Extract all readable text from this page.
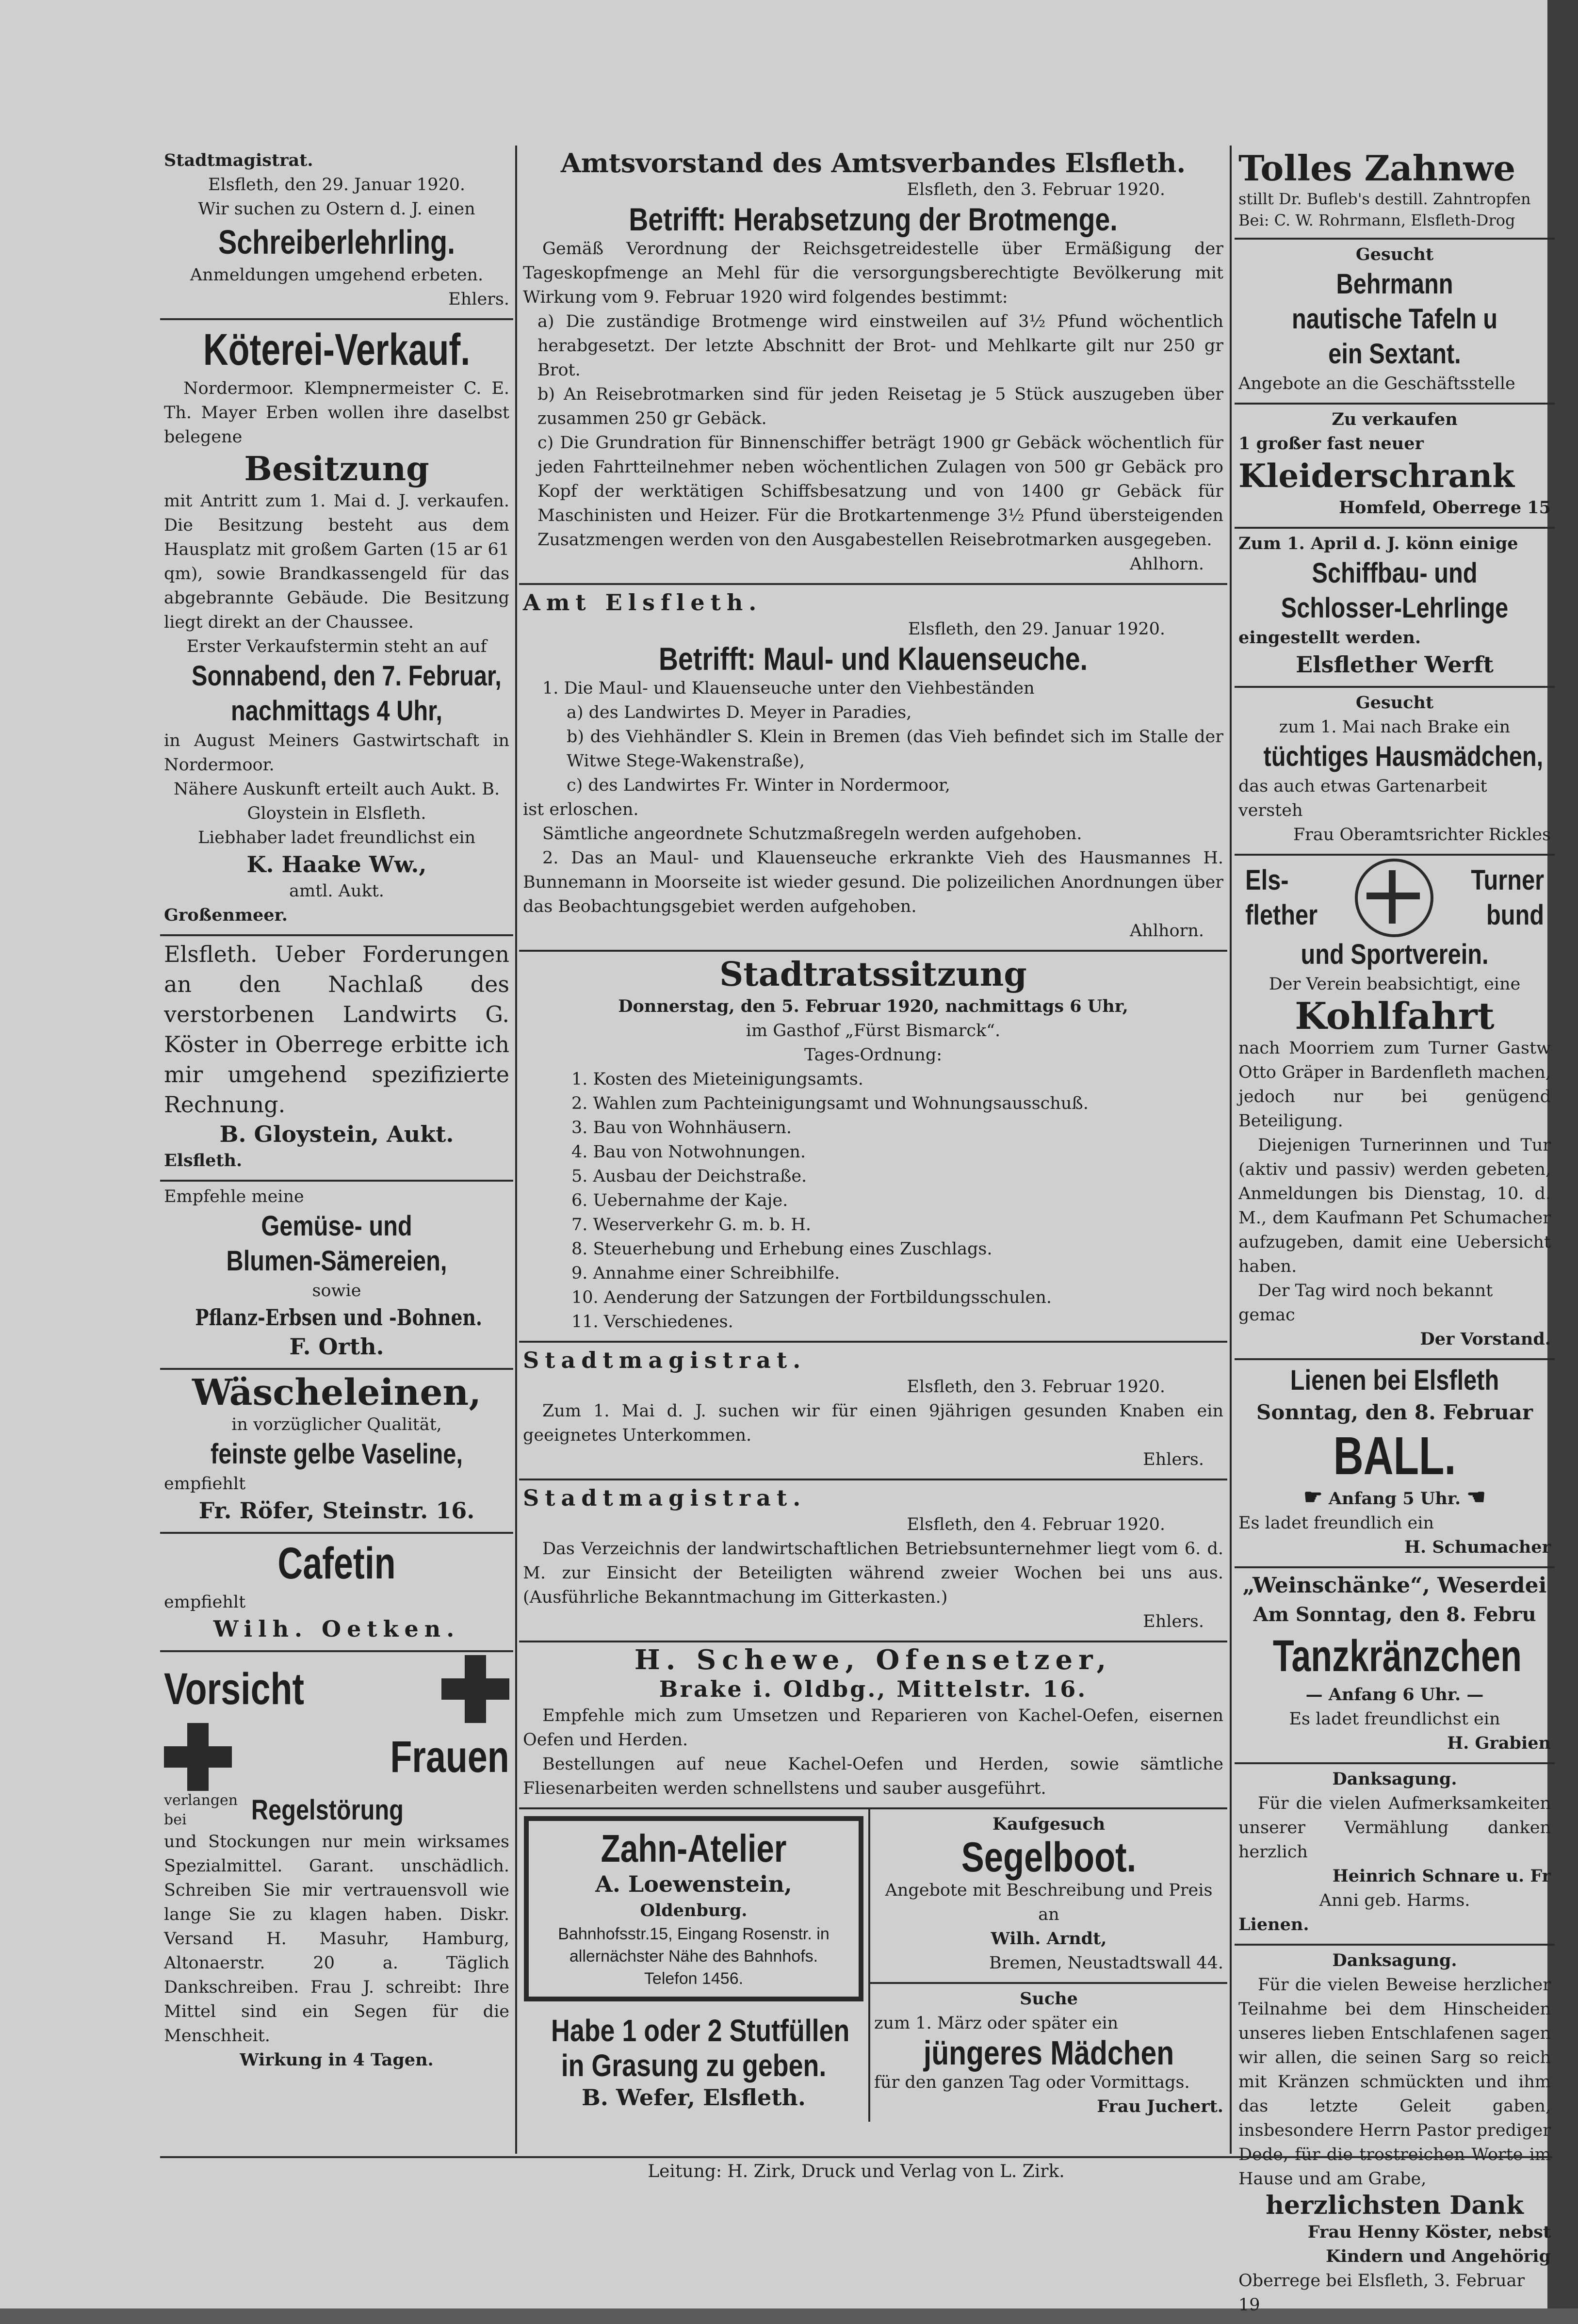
Stadtmagistrat.

Elsfleth, den 29. Januar 1920.

Wir suchen zu Ostern d. J. einen

Schreiberlehrling.

Anmeldungen umgehend erbeten.

Ehlers.

Köterei-Verkauf.

Nordermoor. Klempnermeister C. E. Th. Mayer Erben wollen ihre daselbst belegene

Besitzung

mit Antritt zum 1. Mai d. J. verkaufen. Die Besitzung besteht aus dem Hausplatz mit großem Garten (15 ar 61 qm), sowie Brandkassengeld für das abgebrannte Gebäude. Die Besitzung liegt direkt an der Chaussee.

Erster Verkaufstermin steht an auf

Sonnabend, den 7. Februar,

nachmittags 4 Uhr,

in August Meiners Gastwirtschaft in Nordermoor.

Nähere Auskunft erteilt auch Aukt. B. Gloystein in Elsfleth.

Liebhaber ladet freundlichst ein

K. Haake Ww.,

amtl. Aukt.

Großenmeer.

Elsfleth. Ueber Forderungen an den Nachlaß des verstorbenen Landwirts G. Köster in Oberrege erbitte ich mir umgehend spezifizierte Rechnung.

B. Gloystein, Aukt.

Elsfleth.

Empfehle meine

Gemüse- und

Blumen-Sämereien,

sowie

Pflanz-Erbsen und -Bohnen.

F. Orth.

Wäscheleinen,

in vorzüglicher Qualität,

feinste gelbe Vaseline,

empfiehlt

Fr. Röfer, Steinstr. 16.

Cafetin

empfiehlt

Wilh. Oetken.

Vorsicht

Frauen

verlangen bei	Regelstörung

und Stockungen nur mein wirksames Spezialmittel. Garant. unschädlich. Schreiben Sie mir vertrauensvoll wie lange Sie zu klagen haben. Diskr. Versand H. Masuhr, Hamburg, Altonaerstr. 20 a. Täglich Dankschreiben. Frau J. schreibt: Ihre Mittel sind ein Segen für die Menschheit.

Wirkung in 4 Tagen.

Amtsvorstand des Amtsverbandes Elsfleth.

Elsfleth, den 3. Februar 1920.

Betrifft: Herabsetzung der Brotmenge.

Gemäß Verordnung der Reichsgetreidestelle über Ermäßigung der Tageskopfmenge an Mehl für die versorgungsberechtigte Bevölkerung mit Wirkung vom 9. Februar 1920 wird folgendes bestimmt:

a) Die zuständige Brotmenge wird einstweilen auf 3½ Pfund wöchentlich herabgesetzt. Der letzte Abschnitt der Brot- und Mehlkarte gilt nur 250 gr Brot.

b) An Reisebrotmarken sind für jeden Reisetag je 5 Stück auszugeben über zusammen 250 gr Gebäck.

c) Die Grundration für Binnenschiffer beträgt 1900 gr Gebäck wöchentlich für jeden Fahrtteilnehmer neben wöchentlichen Zulagen von 500 gr Gebäck pro Kopf der werktätigen Schiffsbesatzung und von 1400 gr Gebäck für Maschinisten und Heizer. Für die Brotkartenmenge 3½ Pfund übersteigenden Zusatzmengen werden von den Ausgabestellen Reisebrotmarken ausgegeben.

Ahlhorn.

Amt Elsfleth.

Elsfleth, den 29. Januar 1920.

Betrifft: Maul- und Klauenseuche.

1. Die Maul- und Klauenseuche unter den Viehbeständen

a) des Landwirtes D. Meyer in Paradies,

b) des Viehhändler S. Klein in Bremen (das Vieh befindet sich im Stalle der Witwe Stege-Wakenstraße),

c) des Landwirtes Fr. Winter in Nordermoor,

ist erloschen.

Sämtliche angeordnete Schutzmaßregeln werden aufgehoben.

2. Das an Maul- und Klauenseuche erkrankte Vieh des Hausmannes H. Bunnemann in Moorseite ist wieder gesund. Die polizeilichen Anordnungen über das Beobachtungsgebiet werden aufgehoben.

Ahlhorn.

Stadtratssitzung

Donnerstag, den 5. Februar 1920, nachmittags 6 Uhr,

im Gasthof „Fürst Bismarck“.

Tages-Ordnung:

1. Kosten des Mieteinigungsamts.

2. Wahlen zum Pachteinigungsamt und Wohnungsausschuß.

3. Bau von Wohnhäusern.

4. Bau von Notwohnungen.

5. Ausbau der Deichstraße.

6. Uebernahme der Kaje.

7. Weserverkehr G. m. b. H.

8. Steuerhebung und Erhebung eines Zuschlags.

9. Annahme einer Schreibhilfe.

10. Aenderung der Satzungen der Fortbildungsschulen.

11. Verschiedenes.

Stadtmagistrat.

Elsfleth, den 3. Februar 1920.

Zum 1. Mai d. J. suchen wir für einen 9jährigen gesunden Knaben ein geeignetes Unterkommen.

Ehlers.

Stadtmagistrat.

Elsfleth, den 4. Februar 1920.

Das Verzeichnis der landwirtschaftlichen Betriebsunternehmer liegt vom 6. d. M. zur Einsicht der Beteiligten während zweier Wochen bei uns aus. (Ausführliche Bekanntmachung im Gitterkasten.)

Ehlers.

H. Schewe, Ofensetzer,

Brake i. Oldbg., Mittelstr. 16.

Empfehle mich zum Umsetzen und Reparieren von Kachel-Oefen, eisernen Oefen und Herden.

Bestellungen auf neue Kachel-Oefen und Herden, sowie sämtliche Fliesenarbeiten werden schnellstens und sauber ausgeführt.

Zahn-Atelier

A. Loewenstein,

Oldenburg.

Bahnhofsstr.15, Eingang Rosenstr. in allernächster Nähe des Bahnhofs.

Telefon 1456.

Habe 1 oder 2 Stutfüllen

in Grasung zu geben.

B. Wefer, Elsfleth.

Kaufgesuch

Segelboot.

Angebote mit Beschreibung und Preis an

Wilh. Arndt,

Bremen, Neustadtswall 44.

Suche

zum 1. März oder später ein

jüngeres Mädchen

für den ganzen Tag oder Vormittags.

Frau Juchert.

Tolles Zahnwe

stillt Dr. Bufleb's destill. Zahntropfen Bei: C. W. Rohrmann, Elsfleth-Drog

Gesucht

Behrmann

nautische Tafeln u

ein Sextant.

Angebote an die Geschäftsstelle

Zu verkaufen

1 großer fast neuer

Kleiderschrank

Homfeld, Oberrege 15

Zum 1. April d. J. könn einige

Schiffbau- und

Schlosser-Lehrlinge

eingestellt werden.

Elsflether Werft

Gesucht

zum 1. Mai nach Brake ein

tüchtiges Hausmädchen,

das auch etwas Gartenarbeit versteh

Frau Oberamtsrichter Rickles

Els-

flether

Turner

bund

und Sportverein.

Der Verein beabsichtigt, eine

Kohlfahrt

nach Moorriem zum Turner Gastw Otto Gräper in Bardenfleth machen, jedoch nur bei genügend Beteiligung.

Diejenigen Turnerinnen und Tur (aktiv und passiv) werden gebeten, Anmeldungen bis Dienstag, 10. d. M., dem Kaufmann Pet Schumacher aufzugeben, damit eine Uebersicht haben.

Der Tag wird noch bekannt gemac

Der Vorstand.

Lienen bei Elsfleth

Sonntag, den 8. Februar

BALL.

☛ Anfang 5 Uhr. ☚

Es ladet freundlich ein

H. Schumacher

„Weinschänke“, Weserdei

Am Sonntag, den 8. Febru

Tanzkränzchen

— Anfang 6 Uhr. —

Es ladet freundlichst ein

H. Grabien

Danksagung.

Für die vielen Aufmerksamkeiten unserer Vermählung danken herzlich

Heinrich Schnare u. Fr

Anni geb. Harms.

Lienen.

Danksagung.

Für die vielen Beweise herzlicher Teilnahme bei dem Hinscheiden unseres lieben Entschlafenen sagen wir allen, die seinen Sarg so reich mit Kränzen schmückten und ihm das letzte Geleit gaben, insbesondere Herrn Pastor prediger Dede, für die trostreichen Worte im Hause und am Grabe,

herzlichsten Dank

Frau Henny Köster, nebst Kindern und Angehörig

Oberrege bei Elsfleth, 3. Februar 19

Leitung: H. Zirk, Druck und Verlag von L. Zirk.
